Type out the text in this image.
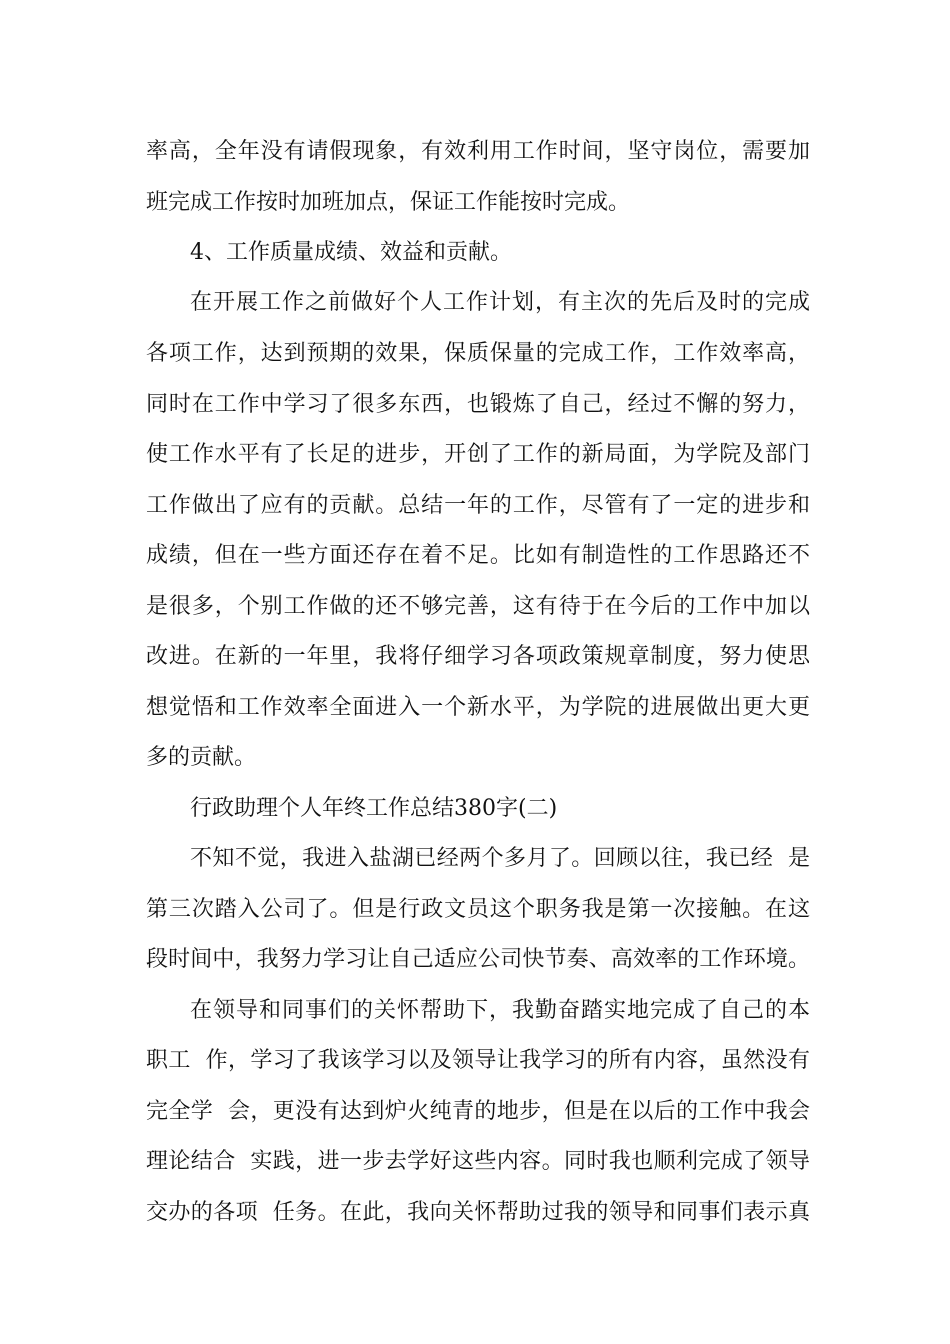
率高，全年没有请假现象，有效利用工作时间，坚守岗位，需要加
班完成工作按时加班加点，保证工作能按时完成。
4、工作质量成绩、效益和贡献。
在开展工作之前做好个人工作计划，有主次的先后及时的完成
各项工作，达到预期的效果，保质保量的完成工作，工作效率高，
同时在工作中学习了很多东西，也锻炼了自己，经过不懈的努力，
使工作水平有了长足的进步，开创了工作的新局面，为学院及部门
工作做出了应有的贡献。总结一年的工作，尽管有了一定的进步和
成绩，但在一些方面还存在着不足。比如有制造性的工作思路还不
是很多，个别工作做的还不够完善，这有待于在今后的工作中加以
改进。在新的一年里，我将仔细学习各项政策规章制度，努力使思
想觉悟和工作效率全面进入一个新水平，为学院的进展做出更大更
多的贡献。
行政助理个人年终工作总结380字(二)
不知不觉，我进入盐湖已经两个多月了。回顾以往，我已经  是
第三次踏入公司了。但是行政文员这个职务我是第一次接触。在这
段时间中，我努力学习让自己适应公司快节奏、高效率的工作环境。
在领导和同事们的关怀帮助下，我勤奋踏实地完成了自己的本
职工  作，学习了我该学习以及领导让我学习的所有内容，虽然没有
完全学  会，更没有达到炉火纯青的地步，但是在以后的工作中我会
理论结合  实践，进一步去学好这些内容。同时我也顺利完成了领导
交办的各项  任务。在此，我向关怀帮助过我的领导和同事们表示真
